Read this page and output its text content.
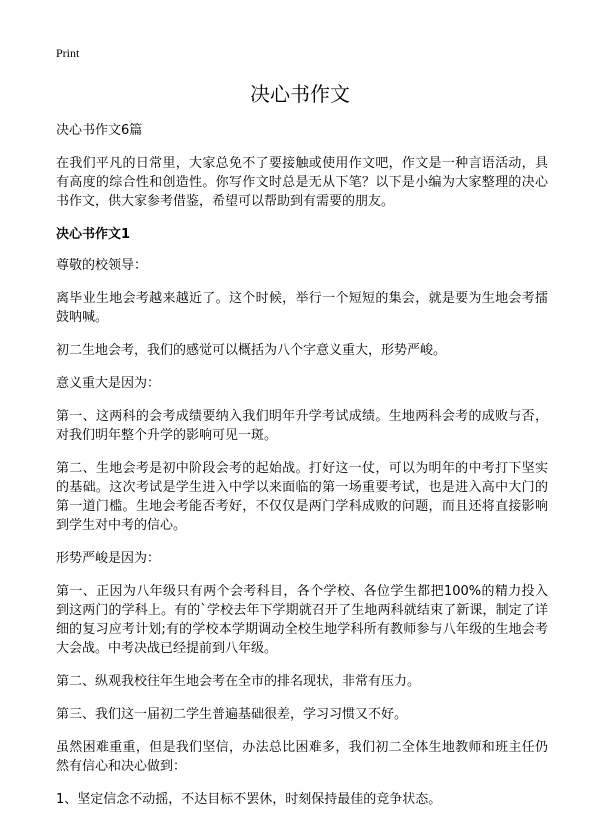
Print
决心书作文

决心书作文6篇

在我们平凡的日常里，大家总免不了要接触或使用作文吧，作文是一种言语活动，具有高度的综合性和创造性。你写作文时总是无从下笔？以下是小编为大家整理的决心书作文，供大家参考借鉴，希望可以帮助到有需要的朋友。

决心书作文1

尊敬的校领导：

离毕业生地会考越来越近了。这个时候，举行一个短短的集会，就是要为生地会考擂鼓呐喊。

初二生地会考，我们的感觉可以概括为八个字意义重大，形势严峻。

意义重大是因为：

第一、这两科的会考成绩要纳入我们明年升学考试成绩。生地两科会考的成败与否，对我们明年整个升学的影响可见一斑。

第二、生地会考是初中阶段会考的起始战。打好这一仗，可以为明年的中考打下坚实的基础。这次考试是学生进入中学以来面临的第一场重要考试，也是进入高中大门的第一道门槛。生地会考能否考好，不仅仅是两门学科成败的问题，而且还将直接影响到学生对中考的信心。

形势严峻是因为：

第一、正因为八年级只有两个会考科目，各个学校、各位学生都把100%的精力投入到这两门的学科上。有的`学校去年下学期就召开了生地两科就结束了新课，制定了详细的复习应考计划;有的学校本学期调动全校生地学科所有教师参与八年级的生地会考大会战。中考决战已经提前到八年级。

第二、纵观我校往年生地会考在全市的排名现状，非常有压力。

第三、我们这一届初二学生普遍基础很差，学习习惯又不好。

虽然困难重重，但是我们坚信，办法总比困难多，我们初二全体生地教师和班主任仍然有信心和决心做到：

1、坚定信念不动摇，不达目标不罢休，时刻保持最佳的竞争状态。
